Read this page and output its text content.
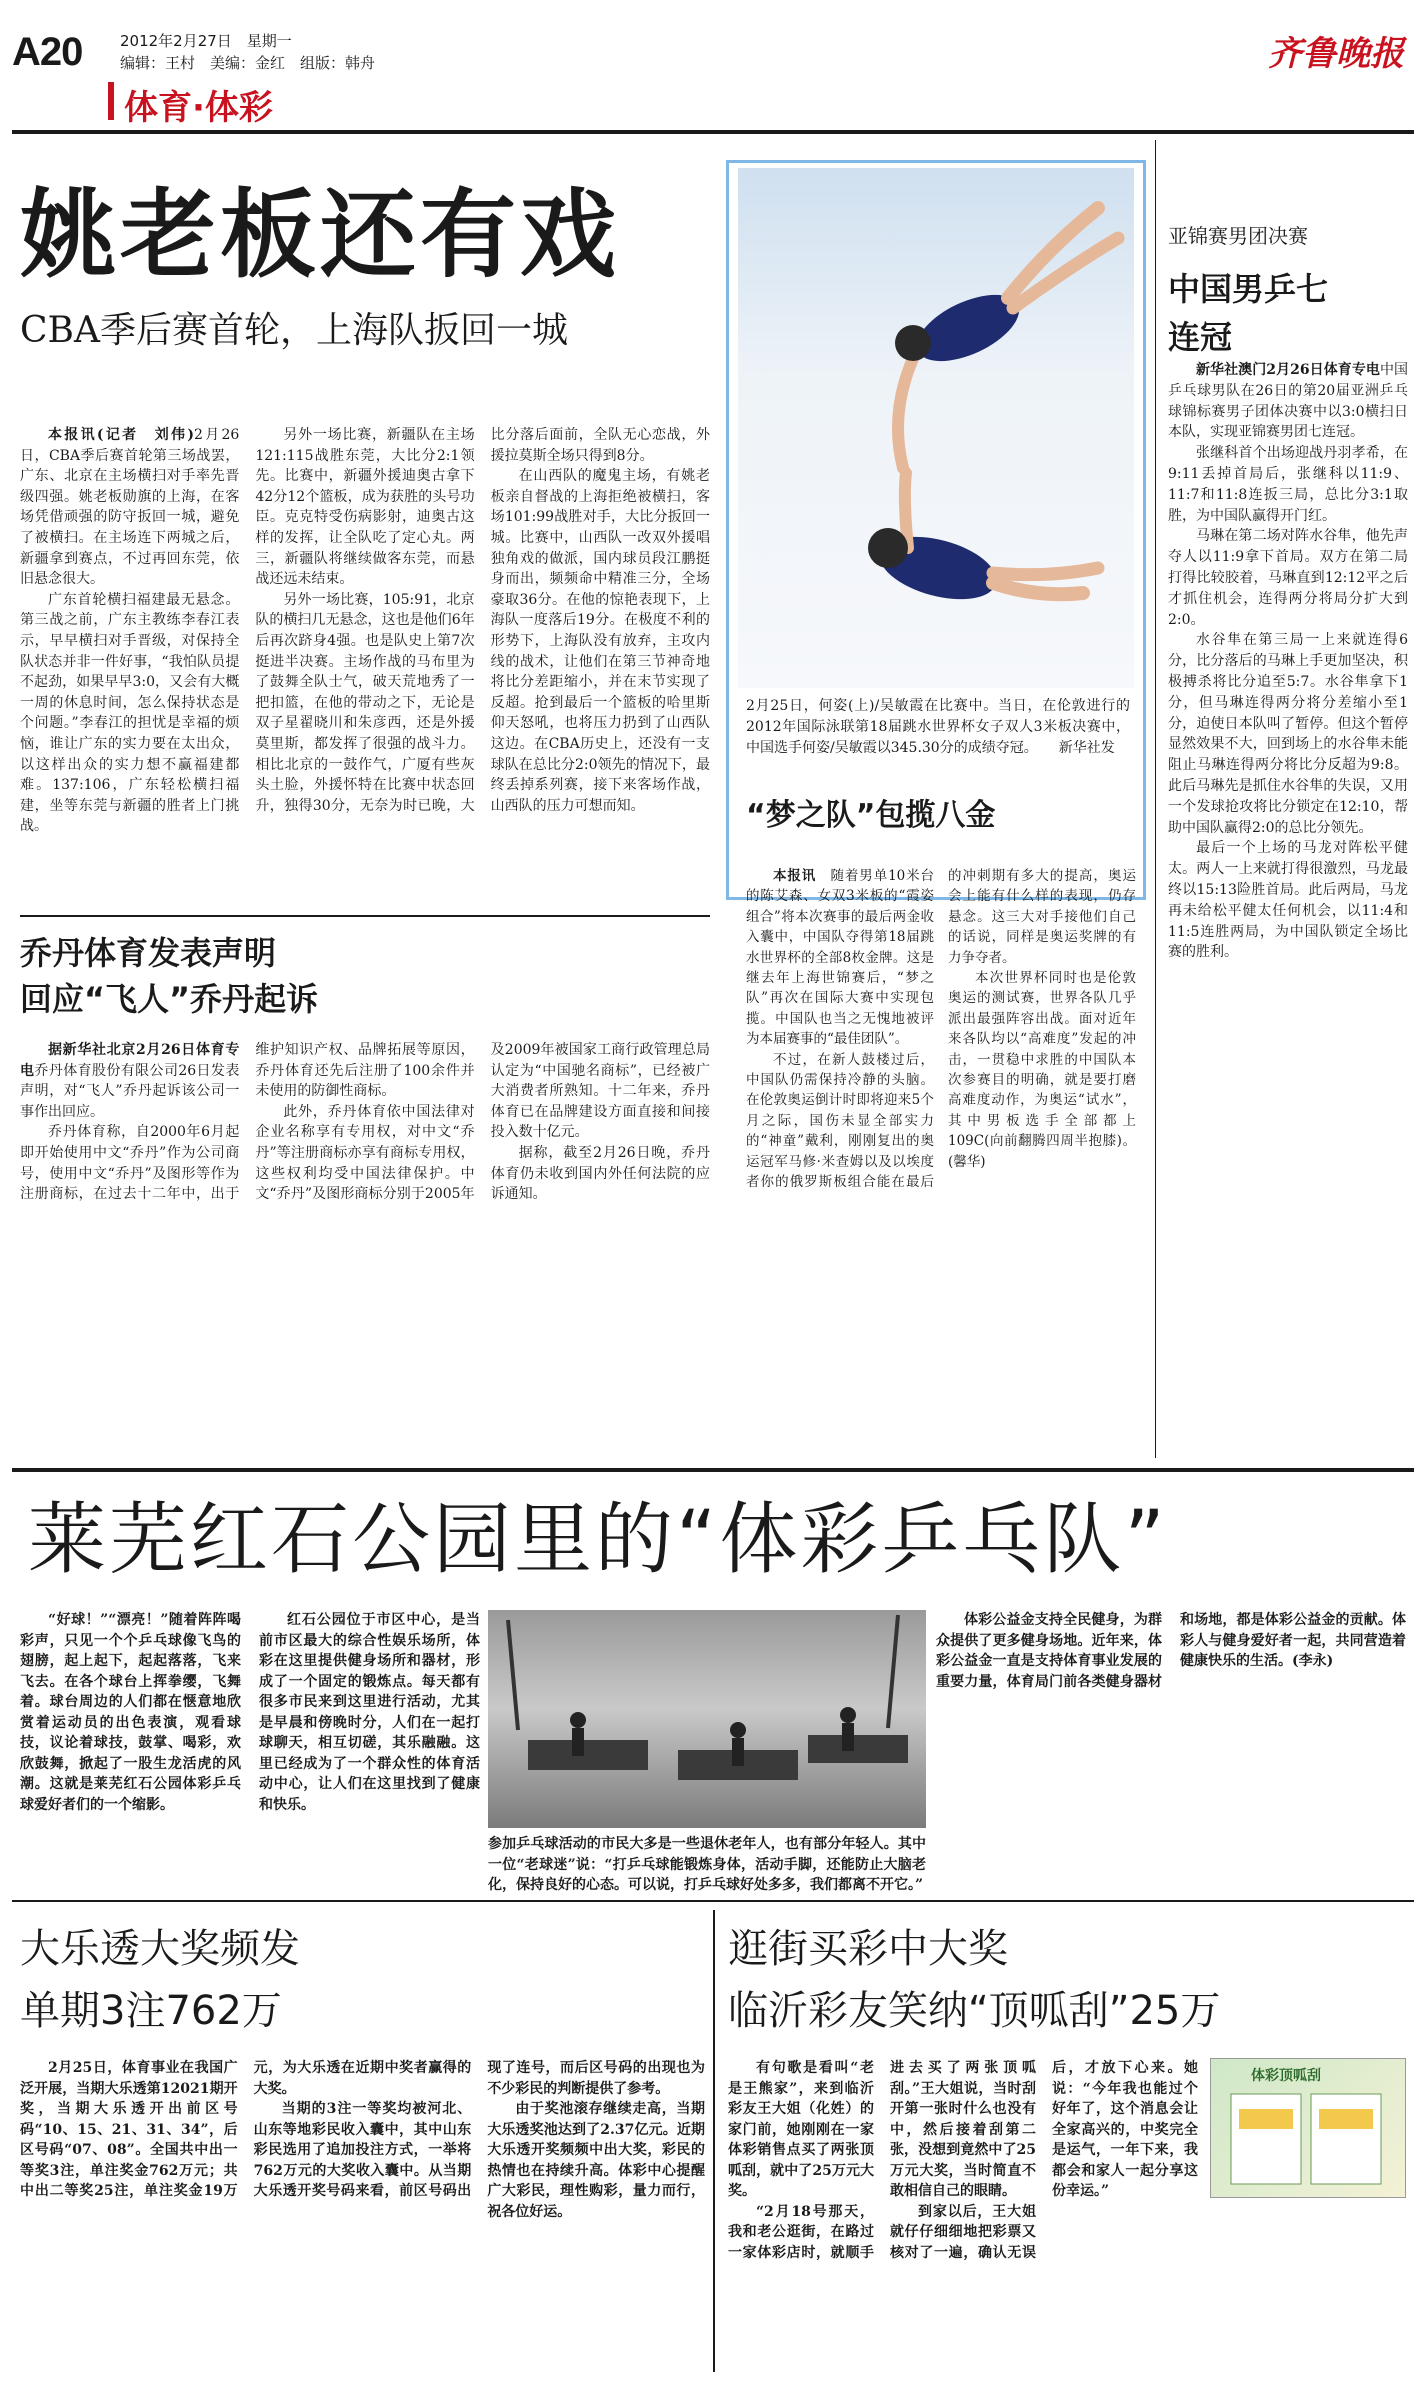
A20	2012年2月27日　星期一
编辑：王村　美编：金红　组版：韩舟	齐鲁晚报
体育·体彩
姚老板还有戏
CBA季后赛首轮，上海队扳回一城

本报讯(记者　刘伟)2月26日，CBA季后赛首轮第三场战罢，广东、北京在主场横扫对手率先晋级四强。姚老板勋旗的上海，在客场凭借顽强的防守扳回一城，避免了被横扫。在主场连下两城之后，新疆拿到赛点，不过再回东莞，依旧悬念很大。

广东首轮横扫福建最无悬念。第三战之前，广东主教练李春江表示，早早横扫对手晋级，对保持全队状态并非一件好事，“我怕队员提不起劲，如果早早3:0，又会有大概一周的休息时间，怎么保持状态是个问题。”李春江的担忧是幸福的烦恼，谁让广东的实力要在太出众，以这样出众的实力想不赢福建都难。137:106，广东轻松横扫福建，坐等东莞与新疆的胜者上门挑战。

另外一场比赛，新疆队在主场121:115战胜东莞，大比分2:1领先。比赛中，新疆外援迪奥古拿下42分12个篮板，成为获胜的头号功臣。克克特受伤病影射，迪奥古这样的发挥，让全队吃了定心丸。两三，新疆队将继续做客东莞，而悬战还远未结束。

另外一场比赛，105:91，北京队的横扫几无悬念，这也是他们6年后再次跻身4强。也是队史上第7次挺进半决赛。主场作战的马布里为了鼓舞全队士气，破天荒地秀了一把扣篮，在他的带动之下，无论是双子星翟晓川和朱彦西，还是外援莫里斯，都发挥了很强的战斗力。相比北京的一鼓作气，广厦有些灰头土脸，外援怀特在比赛中状态回升，独得30分，无奈为时已晚，大比分落后面前，全队无心恋战，外援拉莫斯全场只得到8分。

在山西队的魔鬼主场，有姚老板亲自督战的上海拒绝被横扫，客场101:99战胜对手，大比分扳回一城。比赛中，山西队一改双外援唱独角戏的做派，国内球员段江鹏挺身而出，频频命中精准三分，全场豪取36分。在他的惊艳表现下，上海队一度落后19分。在极度不利的形势下，上海队没有放弃，主攻内线的战术，让他们在第三节神奇地将比分差距缩小，并在末节实现了反超。抢到最后一个篮板的哈里斯仰天怒吼，也将压力扔到了山西队这边。在CBA历史上，还没有一支球队在总比分2:0领先的情况下，最终丢掉系列赛，接下来客场作战，山西队的压力可想而知。

乔丹体育发表声明
回应“飞人”乔丹起诉

据新华社北京2月26日体育专电乔丹体育股份有限公司26日发表声明，对“飞人”乔丹起诉该公司一事作出回应。

乔丹体育称，自2000年6月起即开始使用中文“乔丹”作为公司商号，使用中文“乔丹”及图形等作为注册商标，在过去十二年中，出于维护知识产权、品牌拓展等原因，乔丹体育还先后注册了100余件并未使用的防御性商标。

此外，乔丹体育依中国法律对企业名称享有专用权，对中文“乔丹”等注册商标亦享有商标专用权，这些权利均受中国法律保护。中文“乔丹”及图形商标分别于2005年及2009年被国家工商行政管理总局认定为“中国驰名商标”，已经被广大消费者所熟知。十二年来，乔丹体育已在品牌建设方面直接和间接投入数十亿元。

据称，截至2月26日晚，乔丹体育仍未收到国内外任何法院的应诉通知。

2月25日，何姿(上)/吴敏霞在比赛中。当日，在伦敦进行的2012年国际泳联第18届跳水世界杯女子双人3米板决赛中，中国选手何姿/吴敏霞以345.30分的成绩夺冠。　　新华社发
“梦之队”包揽八金

本报讯　 随着男单10米台的陈艾森、女双3米板的“霞姿组合”将本次赛事的最后两金收入囊中，中国队夺得第18届跳水世界杯的全部8枚金牌。这是继去年上海世锦赛后，“梦之队”再次在国际大赛中实现包揽。中国队也当之无愧地被评为本届赛事的“最佳团队”。

不过，在新人鼓楼过后，中国队仍需保持冷静的头脑。在伦敦奥运倒计时即将迎来5个月之际，国伤未显全部实力的“神童”戴利，刚刚复出的奥运冠军马修·米查姆以及以埃度者你的俄罗斯板组合能在最后的冲刺期有多大的提高，奥运会上能有什么样的表现，仍存悬念。这三大对手接他们自己的话说，同样是奥运奖牌的有力争夺者。

本次世界杯同时也是伦敦奥运的测试赛，世界各队几乎派出最强阵容出战。面对近年来各队均以“高难度”发起的冲击，一贯稳中求胜的中国队本次参赛目的明确，就是要打磨高难度动作，为奥运“试水”，其中男板选手全部都上109C(向前翻腾四周半抱膝)。(馨华)

亚锦赛男团决赛
中国男乒七连冠

新华社澳门2月26日体育专电中国乒乓球男队在26日的第20届亚洲乒乓球锦标赛男子团体决赛中以3:0横扫日本队，实现亚锦赛男团七连冠。

张继科首个出场迎战丹羽孝希，在9:11丢掉首局后，张继科以11:9、11:7和11:8连扳三局，总比分3:1取胜，为中国队赢得开门红。

马琳在第二场对阵水谷隼，他先声夺人以11:9拿下首局。双方在第二局打得比较胶着，马琳直到12:12平之后才抓住机会，连得两分将局分扩大到2:0。

水谷隼在第三局一上来就连得6分，比分落后的马琳上手更加坚决，积极搏杀将比分追至5:7。水谷隼拿下1分，但马琳连得两分将分差缩小至1分，迫使日本队叫了暂停。但这个暂停显然效果不大，回到场上的水谷隼未能阻止马琳连得两分将比分反超为9:8。此后马琳先是抓住水谷隼的失误，又用一个发球抢攻将比分锁定在12:10，帮助中国队赢得2:0的总比分领先。

最后一个上场的马龙对阵松平健太。两人一上来就打得很激烈，马龙最终以15:13险胜首局。此后两局，马龙再未给松平健太任何机会，以11:4和11:5连胜两局，为中国队锁定全场比赛的胜利。

莱芜红石公园里的“体彩乒乓队”

“好球！”“漂亮！”随着阵阵喝彩声，只见一个个乒乓球像飞鸟的翅膀，起上起下，起起落落，飞来飞去。在各个球台上挥拳缨，飞舞着。球台周边的人们都在惬意地欣赏着运动员的出色表演，观看球技，议论着球技，鼓掌、喝彩，欢欣鼓舞，掀起了一股生龙活虎的风潮。这就是莱芜红石公园体彩乒乓球爱好者们的一个缩影。

红石公园位于市区中心，是当前市区最大的综合性娱乐场所，体彩在这里提供健身场所和器材，形成了一个固定的锻炼点。每天都有很多市民来到这里进行活动，尤其是早晨和傍晚时分，人们在一起打球聊天，相互切磋，其乐融融。这里已经成为了一个群众性的体育活动中心，让人们在这里找到了健康和快乐。

参加乒乓球活动的市民大多是一些退休老年人，也有部分年轻人。其中一位“老球迷”说：“打乒乓球能锻炼身体，活动手脚，还能防止大脑老化，保持良好的心态。可以说，打乒乓球好处多多，我们都离不开它。”

体彩公益金支持全民健身，为群众提供了更多健身场地。近年来，体彩公益金一直是支持体育事业发展的重要力量，体育局门前各类健身器材和场地，都是体彩公益金的贡献。体彩人与健身爱好者一起，共同营造着健康快乐的生活。(李永)

大乐透大奖频发
单期3注762万

2月25日，体育事业在我国广泛开展，当期大乐透第12021期开奖，当期大乐透开出前区号码“10、15、21、31、34”，后区号码“07、08”。全国共中出一等奖3注，单注奖金762万元；共中出二等奖25注，单注奖金19万元，为大乐透在近期中奖者赢得的大奖。

当期的3注一等奖均被河北、山东等地彩民收入囊中，其中山东彩民选用了追加投注方式，一举将762万元的大奖收入囊中。从当期大乐透开奖号码来看，前区号码出现了连号，而后区号码的出现也为不少彩民的判断提供了参考。

由于奖池滚存继续走高，当期大乐透奖池达到了2.37亿元。近期大乐透开奖频频中出大奖，彩民的热情也在持续升高。体彩中心提醒广大彩民，理性购彩，量力而行，祝各位好运。

逛街买彩中大奖
临沂彩友笑纳“顶呱刮”25万

有句歌是看叫“老是王熊家”，来到临沂彩友王大姐（化姓）的家门前，她刚刚在一家体彩销售点买了两张顶呱刮，就中了25万元大奖。

“2月18号那天，我和老公逛街，在路过一家体彩店时，就顺手进去买了两张顶呱刮。”王大姐说，当时刮开第一张时什么也没有中，然后接着刮第二张，没想到竟然中了25万元大奖，当时简直不敢相信自己的眼睛。

到家以后，王大姐就仔仔细细地把彩票又核对了一遍，确认无误后，才放下心来。她说：“今年我也能过个好年了，这个消息会让全家高兴的，中奖完全是运气，一年下来，我都会和家人一起分享这份幸运。”

体彩顶呱刮
